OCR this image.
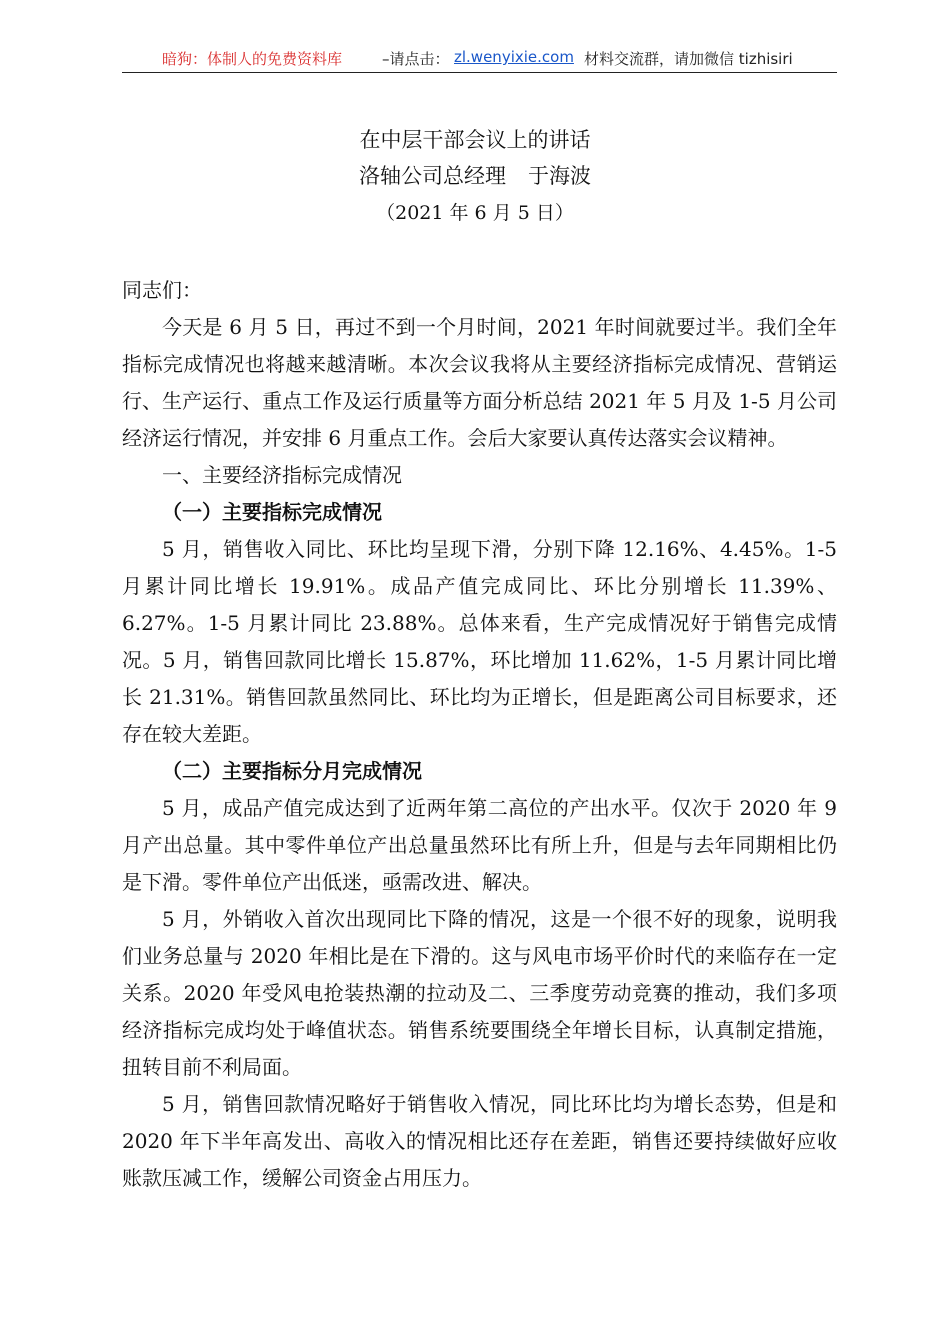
暗狗：体制人的免费资料库	–请点击： zl.wenyixie.com 材料交流群，请加微信 tizhisiri
在中层干部会议上的讲话
洛轴公司总经理 于海波
（2021 年 6 月 5 日）

同志们：

今天是 6 月 5 日，再过不到一个月时间，2021 年时间就要过半。我们全年指标完成情况也将越来越清晰。本次会议我将从主要经济指标完成情况、营销运行、生产运行、重点工作及运行质量等方面分析总结 2021 年 5 月及 1-5 月公司经济运行情况，并安排 6 月重点工作。会后大家要认真传达落实会议精神。

一、主要经济指标完成情况

（一）主要指标完成情况

5 月，销售收入同比、环比均呈现下滑，分别下降 12.16%、4.45%。1-5 月累计同比增长 19.91%。成品产值完成同比、环比分别增长 11.39%、6.27%。1-5 月累计同比 23.88%。总体来看，生产完成情况好于销售完成情况。5 月，销售回款同比增长 15.87%，环比增加 11.62%，1-5 月累计同比增长 21.31%。销售回款虽然同比、环比均为正增长，但是距离公司目标要求，还存在较大差距。

（二）主要指标分月完成情况

5 月，成品产值完成达到了近两年第二高位的产出水平。仅次于 2020 年 9 月产出总量。其中零件单位产出总量虽然环比有所上升，但是与去年同期相比仍是下滑。零件单位产出低迷，亟需改进、解决。

5 月，外销收入首次出现同比下降的情况，这是一个很不好的现象，说明我们业务总量与 2020 年相比是在下滑的。这与风电市场平价时代的来临存在一定关系。2020 年受风电抢装热潮的拉动及二、三季度劳动竞赛的推动，我们多项经济指标完成均处于峰值状态。销售系统要围绕全年增长目标，认真制定措施，扭转目前不利局面。

5 月，销售回款情况略好于销售收入情况，同比环比均为增长态势，但是和 2020 年下半年高发出、高收入的情况相比还存在差距，销售还要持续做好应收账款压减工作，缓解公司资金占用压力。
